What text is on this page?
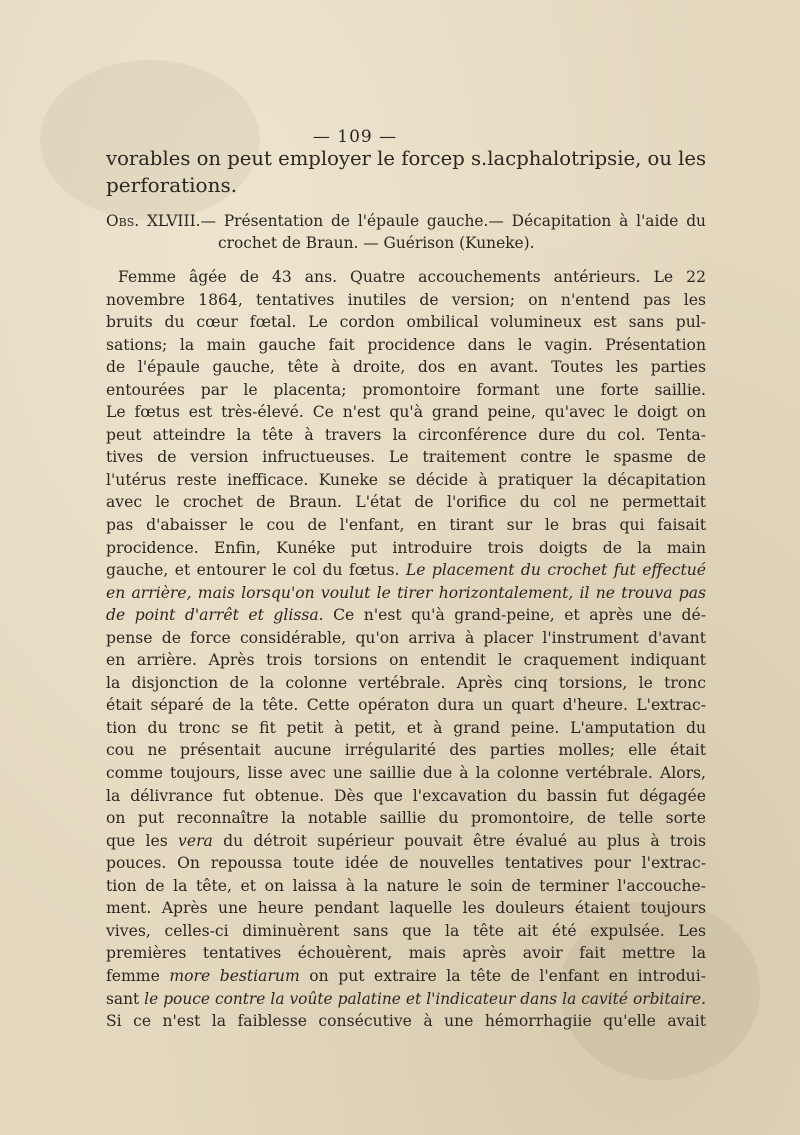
— 109 —
vorables on peut employer le forcep s.lacphalotripsie, ou les
perforations.
Obs. XLVIII.— Présentation de l'épaule gauche.— Décapitation à l'aide du
crochet de Braun. — Guérison (Kuneke).
Femme âgée de 43 ans. Quatre accouchements antérieurs. Le 22
novembre 1864, tentatives inutiles de version; on n'entend pas les
bruits du cœur fœtal. Le cordon ombilical volumineux est sans pul-
sations; la main gauche fait procidence dans le vagin. Présentation
de l'épaule gauche, tête à droite, dos en avant. Toutes les parties
entourées par le placenta; promontoire formant une forte saillie.
Le fœtus est très-élevé. Ce n'est qu'à grand peine, qu'avec le doigt on
peut atteindre la tête à travers la circonférence dure du col. Tenta-
tives de version infructueuses. Le traitement contre le spasme de
l'utérus reste inefficace. Kuneke se décide à pratiquer la décapitation
avec le crochet de Braun. L'état de l'orifice du col ne permettait
pas d'abaisser le cou de l'enfant, en tirant sur le bras qui faisait
procidence. Enfin, Kunéke put introduire trois doigts de la main
gauche, et entourer le col du fœtus. Le placement du crochet fut effectué
en arrière, mais lorsqu'on voulut le tirer horizontalement, il ne trouva pas
de point d'arrêt et glissa. Ce n'est qu'à grand-peine, et après une dé-
pense de force considérable, qu'on arriva à placer l'instrument d'avant
en arrière. Après trois torsions on entendit le craquement indiquant
la disjonction de la colonne vertébrale. Après cinq torsions, le tronc
était séparé de la tête. Cette opératon dura un quart d'heure. L'extrac-
tion du tronc se fit petit à petit, et à grand peine. L'amputation du
cou ne présentait aucune irrégularité des parties molles; elle était
comme toujours, lisse avec une saillie due à la colonne vertébrale. Alors,
la délivrance fut obtenue. Dès que l'excavation du bassin fut dégagée
on put reconnaître la notable saillie du promontoire, de telle sorte
que les vera du détroit supérieur pouvait être évalué au plus à trois
pouces. On repoussa toute idée de nouvelles tentatives pour l'extrac-
tion de la tête, et on laissa à la nature le soin de terminer l'accouche-
ment. Après une heure pendant laquelle les douleurs étaient toujours
vives, celles-ci diminuèrent sans que la tête ait été expulsée. Les
premières tentatives échouèrent, mais après avoir fait mettre la
femme more bestiarum on put extraire la tête de l'enfant en introdui-
sant le pouce contre la voûte palatine et l'indicateur dans la cavité orbitaire.
Si ce n'est la faiblesse consécutive à une hémorrhagiie qu'elle avait
